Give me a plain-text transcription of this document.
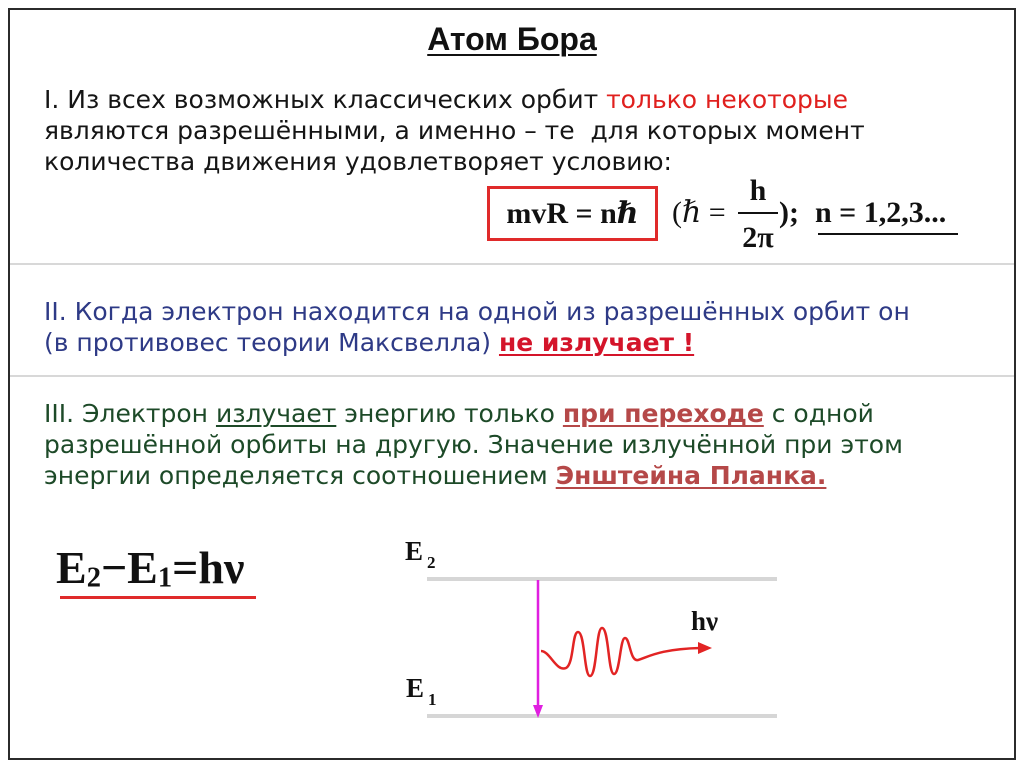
Атом Бора
I. Из всех возможных классических орбит только некоторые
являются разрешёнными, а именно – те  для которых момент
количества движения удовлетворяет условию:
mvR = nℏ (ℏ =
h
2π
); n = 1,2,3...
II. Когда электрон находится на одной из разрешённых орбит он
(в противовес теории Максвелла) не излучает !
III. Электрон излучает энергию только при переходе с одной
разрешённой орбиты на другую. Значение излучённой при этом
энергии определяется соотношением Энштейна Планка.
E2−E1=hν	E 2
E 1
hν
